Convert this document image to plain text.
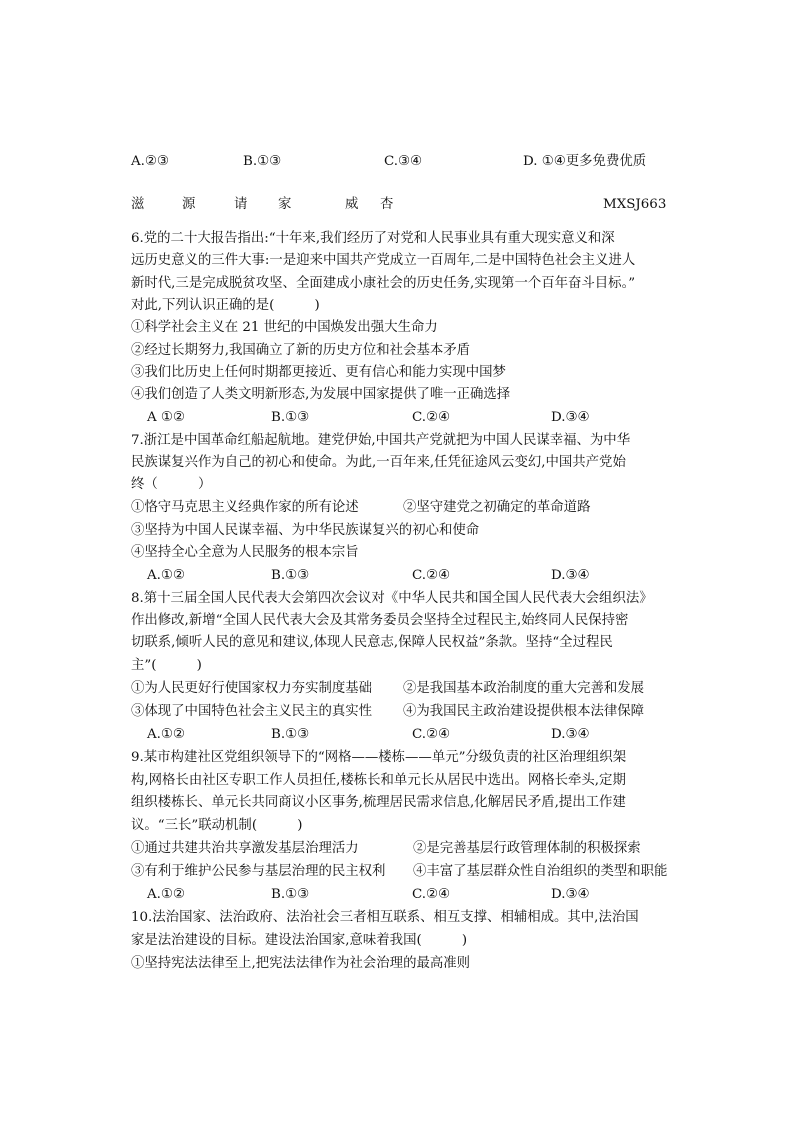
A.②③	B.①③	C.③④	D. ①④更多免费优质
滋	源	请 家	威 杏	MXSJ663
6.党的二十大报告指出:“十年来,我们经历了对党和人民事业具有重大现实意义和深
远历史意义的三件大事:一是迎来中国共产党成立一百周年,二是中国特色社会主义进人
新时代,三是完成脱贫攻坚、全面建成小康社会的历史任务,实现第一个百年奋斗目标。”
对此,下列认识正确的是(　　　)
①科学社会主义在 21 世纪的中国焕发出强大生命力
②经过长期努力,我国确立了新的历史方位和社会基本矛盾
③我们比历史上任何时期都更接近、更有信心和能力实现中国梦
④我们创造了人类文明新形态,为发展中国家提供了唯一正确选择
A ①②	B.①③	C.②④	D.③④
7.浙江是中国革命红船起航地。建党伊始,中国共产党就把为中国人民谋幸福、为中华
民族谋复兴作为自己的初心和使命。为此,一百年来,任凭征途风云变幻,中国共产党始
终（　　　）
①恪守马克思主义经典作家的所有论述	②坚守建党之初确定的革命道路
③坚持为中国人民谋幸福、为中华民族谋复兴的初心和使命
④坚持全心全意为人民服务的根本宗旨
A.①②	B.①③	C.②④	D.③④
8.第十三届全国人民代表大会第四次会议对《中华人民共和国全国人民代表大会组织法》
作出修改,新增“全国人民代表大会及其常务委员会坚持全过程民主,始终同人民保持密
切联系,倾听人民的意见和建议,体现人民意志,保障人民权益”条款。坚持“全过程民
主”(　　　)
①为人民更好行使国家权力夯实制度基础 ②是我国基本政治制度的重大完善和发展
③体现了中国特色社会主义民主的真实性 ④为我国民主政治建设提供根本法律保障
A.①②	B.①③	C.②④	D.③④
9.某市构建社区党组织领导下的“网格——楼栋——单元”分级负责的社区治理组织架
构,网格长由社区专职工作人员担任,楼栋长和单元长从居民中选出。网格长牵头,定期
组织楼栋长、单元长共同商议小区事务,梳理居民需求信息,化解居民矛盾,提出工作建
议。“三长”联动机制(　　　)
①通过共建共治共享激发基层治理活力	②是完善基层行政管理体制的积极探索
③有利于维护公民参与基层治理的民主权利 ④丰富了基层群众性自治组织的类型和职能
A.①②	B.①③	C.②④	D.③④
10.法治国家、法治政府、法治社会三者相互联系、相互支撑、相辅相成。其中,法治国
家是法治建设的目标。建设法治国家,意味着我国(　　　)
①坚持宪法法律至上,把宪法法律作为社会治理的最高准则
